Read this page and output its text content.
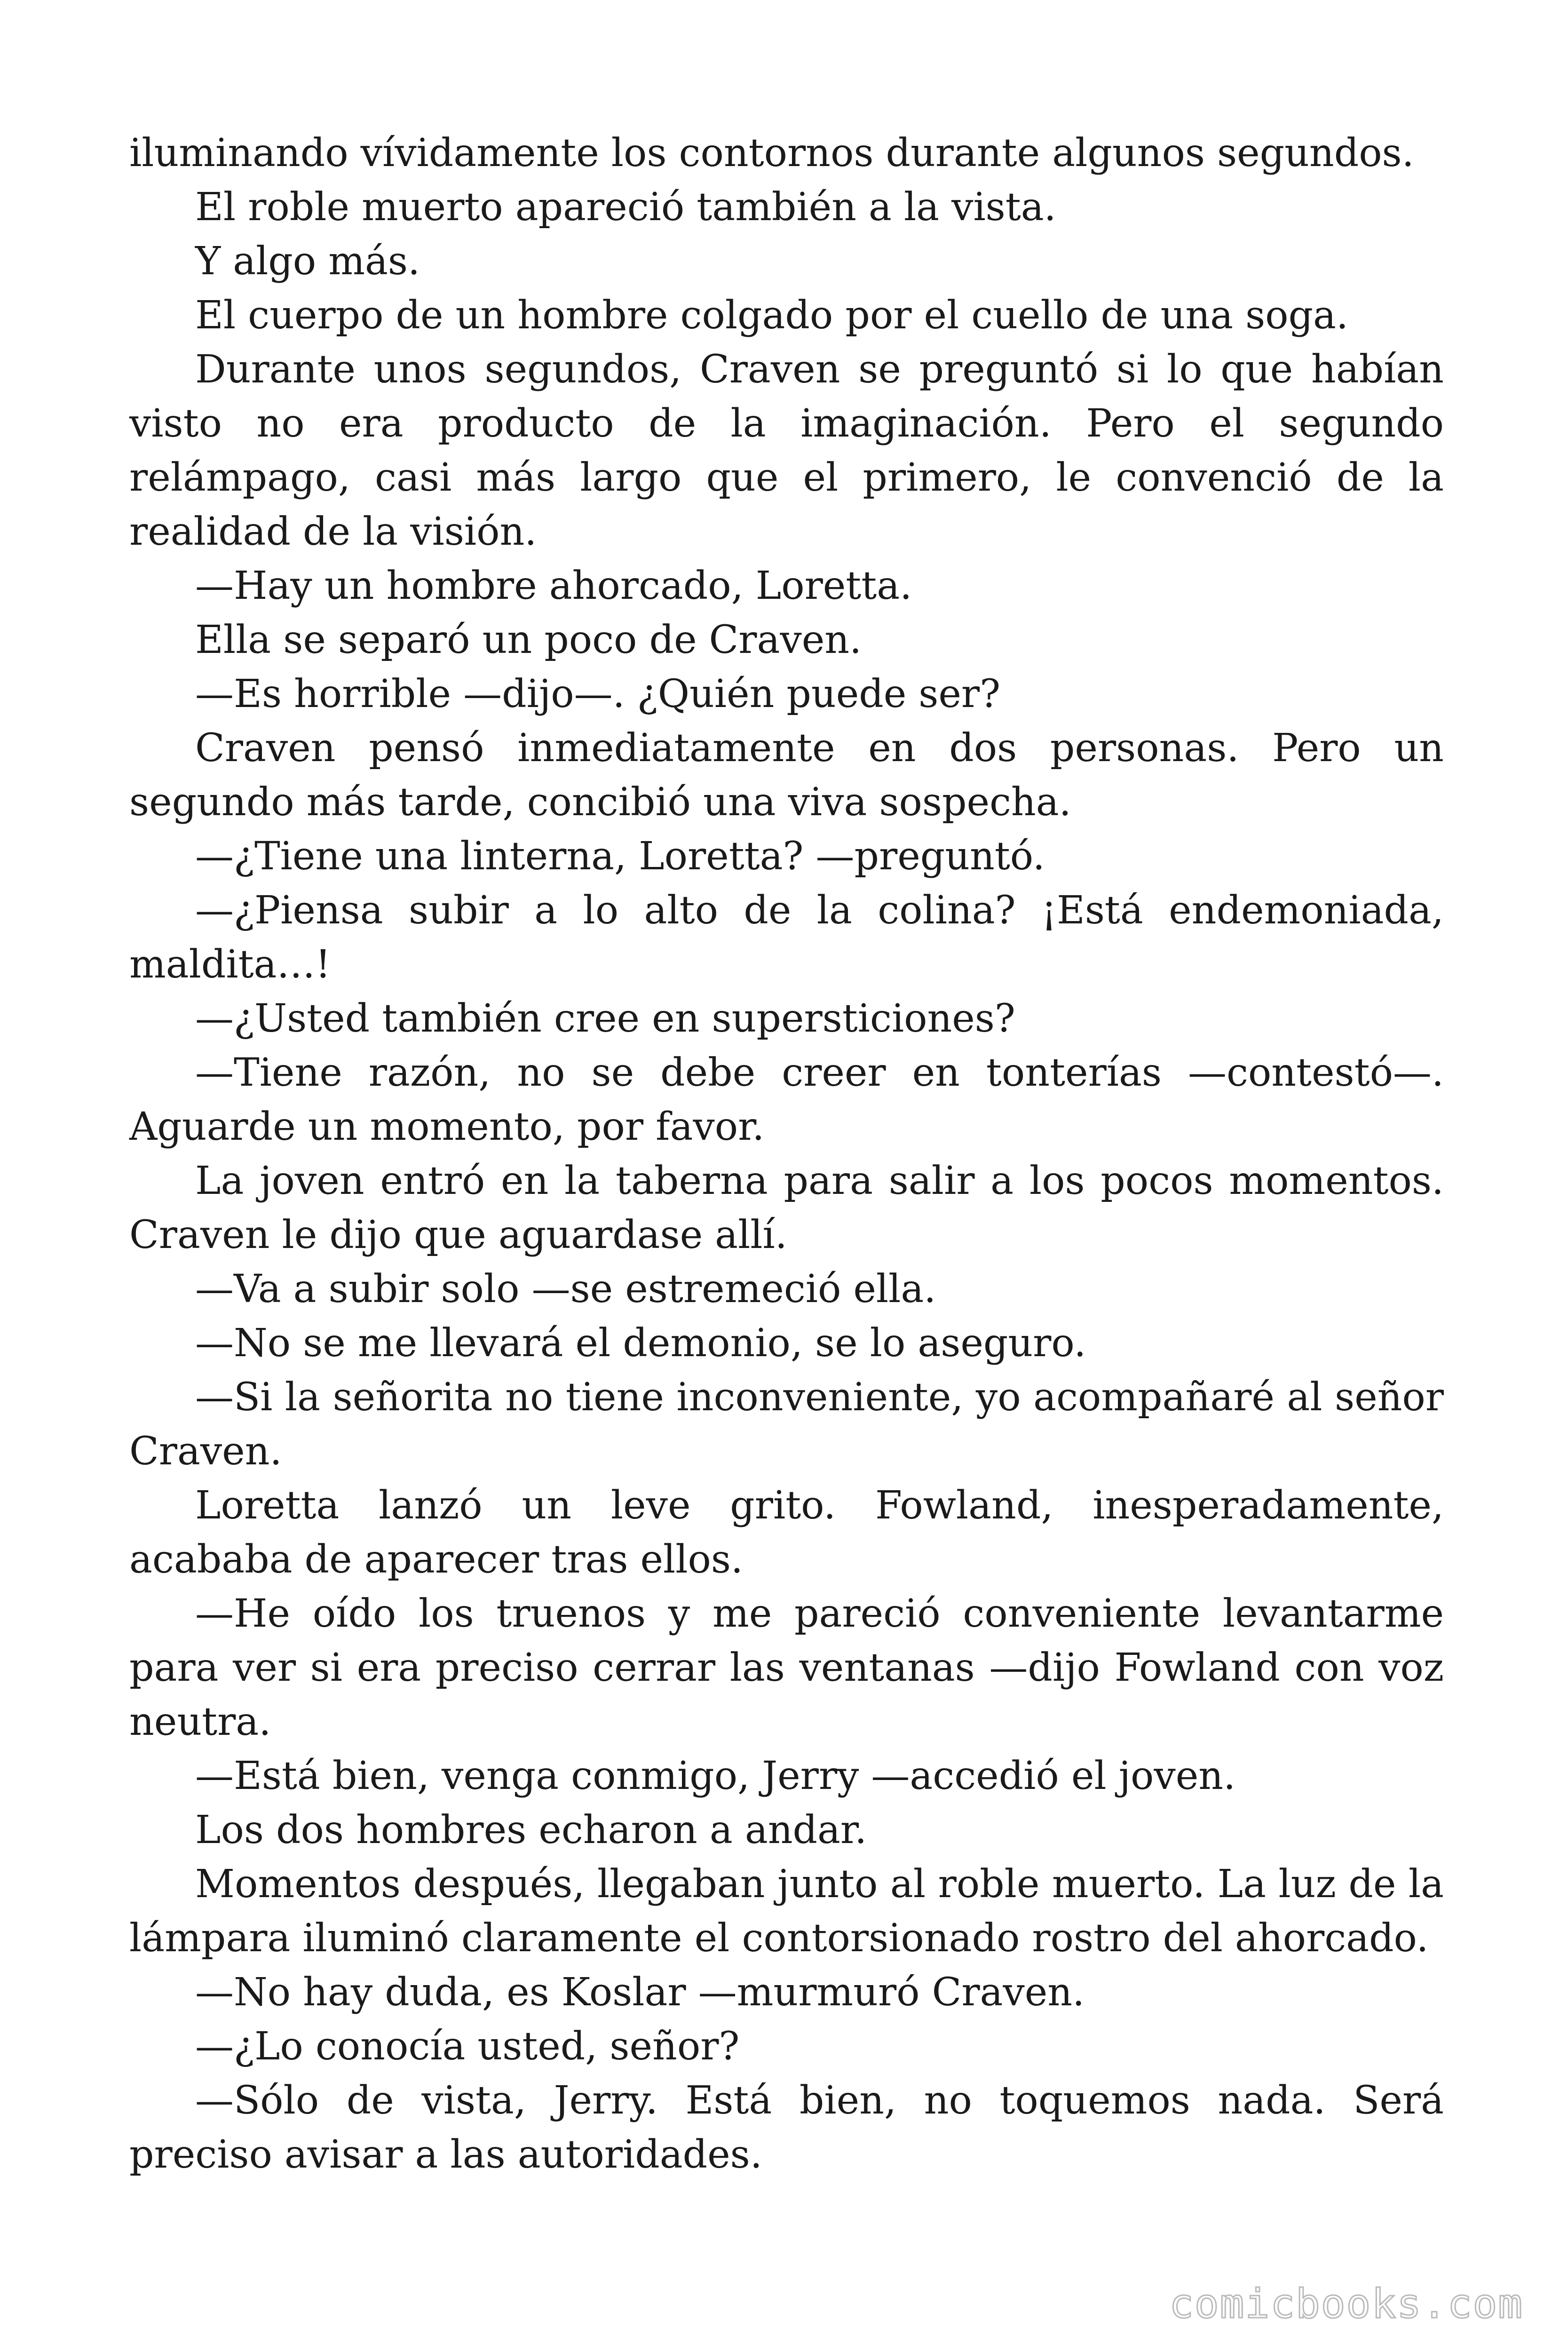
iluminando vívidamente los contornos durante algunos segundos.

El roble muerto apareció también a la vista.

Y algo más.

El cuerpo de un hombre colgado por el cuello de una soga.

Durante unos segundos, Craven se preguntó si lo que habían visto no era producto de la imaginación. Pero el segundo relámpago, casi más largo que el primero, le convenció de la realidad de la visión.

—Hay un hombre ahorcado, Loretta.

Ella se separó un poco de Craven.

—Es horrible —dijo—. ¿Quién puede ser?

Craven pensó inmediatamente en dos personas. Pero un segundo más tarde, concibió una viva sospecha.

—¿Tiene una linterna, Loretta? —preguntó.

—¿Piensa subir a lo alto de la colina? ¡Está endemoniada, maldita…!

—¿Usted también cree en supersticiones?

—Tiene razón, no se debe creer en tonterías —contestó—. Aguarde un momento, por favor.

La joven entró en la taberna para salir a los pocos momentos. Craven le dijo que aguardase allí.

—Va a subir solo —se estremeció ella.

—No se me llevará el demonio, se lo aseguro.

—Si la señorita no tiene inconveniente, yo acompañaré al señor Craven.

Loretta lanzó un leve grito. Fowland, inesperadamente, acababa de aparecer tras ellos.

—He oído los truenos y me pareció conveniente levantarme para ver si era preciso cerrar las ventanas —dijo Fowland con voz neutra.

—Está bien, venga conmigo, Jerry —accedió el joven.

Los dos hombres echaron a andar.

Momentos después, llegaban junto al roble muerto. La luz de la lámpara iluminó claramente el contorsionado rostro del ahorcado.

—No hay duda, es Koslar —murmuró Craven.

—¿Lo conocía usted, señor?

—Sólo de vista, Jerry. Está bien, no toquemos nada. Será preciso avisar a las autoridades.

comicbooks.com
